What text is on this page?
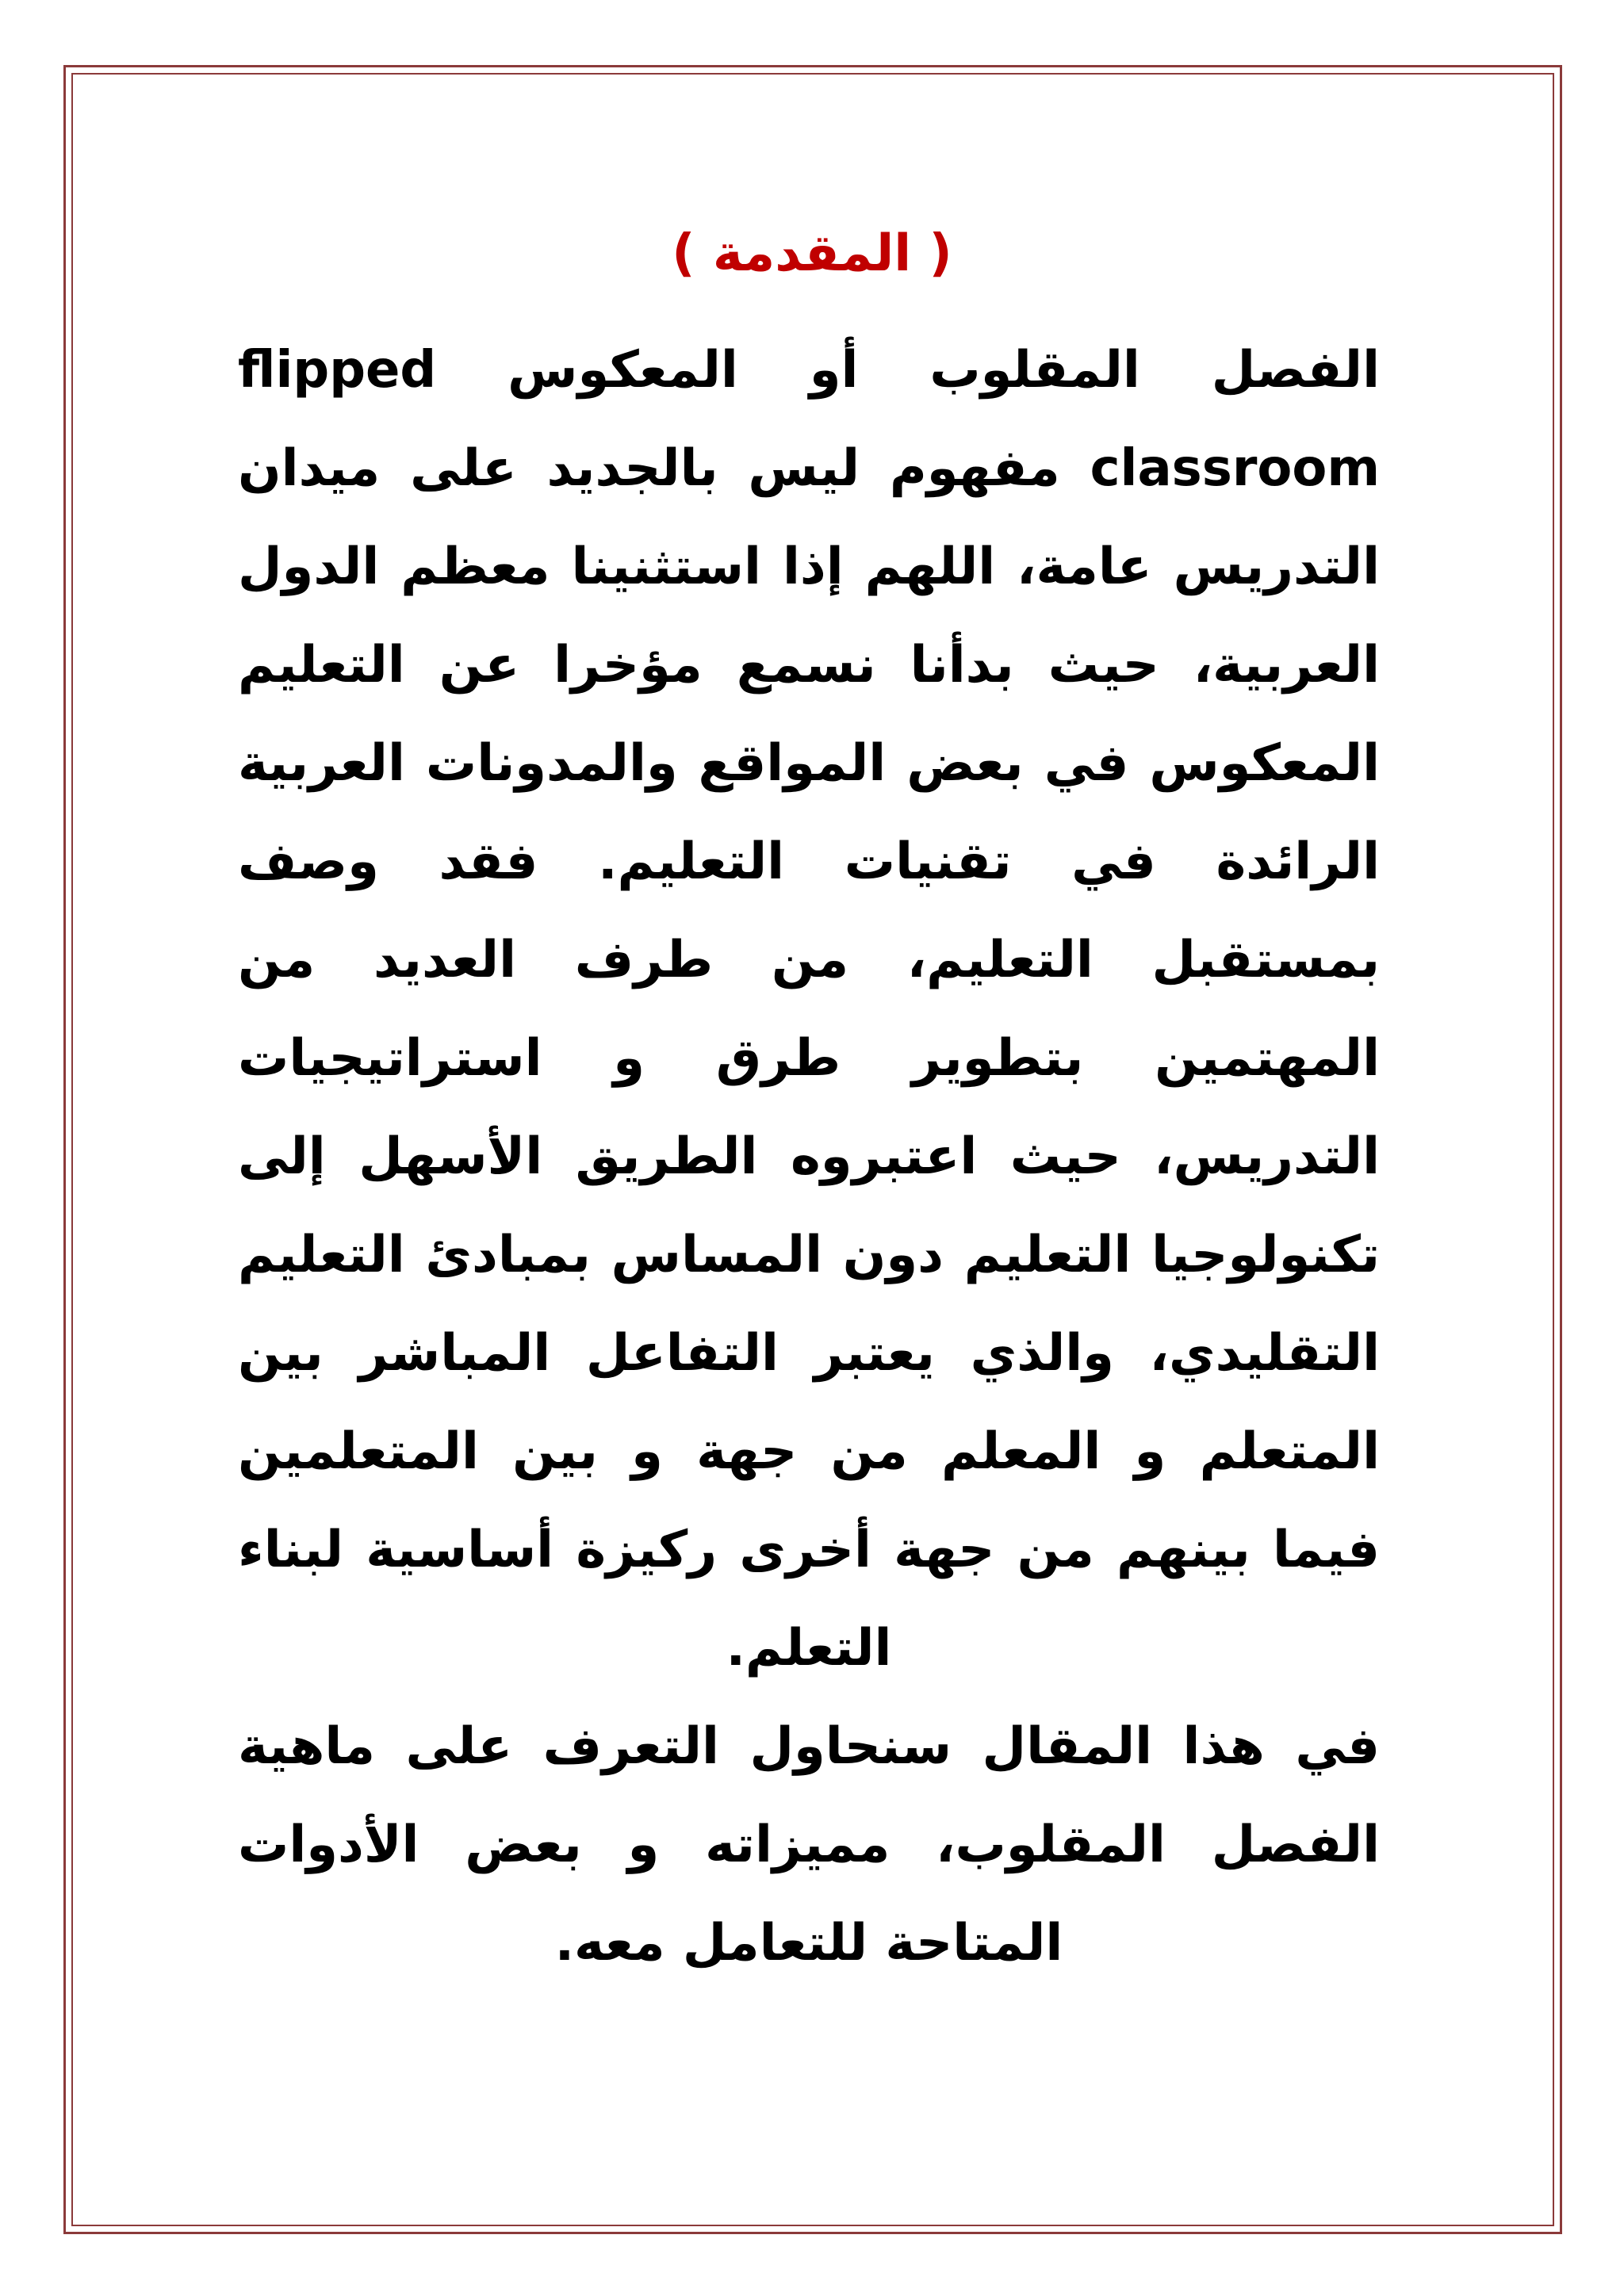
( المقدمة )

الفصل المقلوب أو المعكوس flipped classroom مفهوم ليس بالجديد على ميدان التدريس عامة، اللهم إذا استثنينا معظم الدول العربية، حيث بدأنا نسمع مؤخرا عن التعليم المعكوس في بعض المواقع والمدونات العربية الرائدة في تقنيات التعليم. فقد وصف بمستقبل التعليم، من طرف العديد من المهتمين بتطوير طرق و استراتيجيات التدريس، حيث اعتبروه الطريق الأسهل إلى تكنولوجيا التعليم دون المساس بمبادئ التعليم التقليدي، والذي يعتبر التفاعل المباشر بين المتعلم و المعلم من جهة و بين المتعلمين فيما بينهم من جهة أخرى ركيزة أساسية لبناء التعلم.

في هذا المقال سنحاول التعرف على ماهية الفصل المقلوب، مميزاته و بعض الأدوات المتاحة للتعامل معه.
